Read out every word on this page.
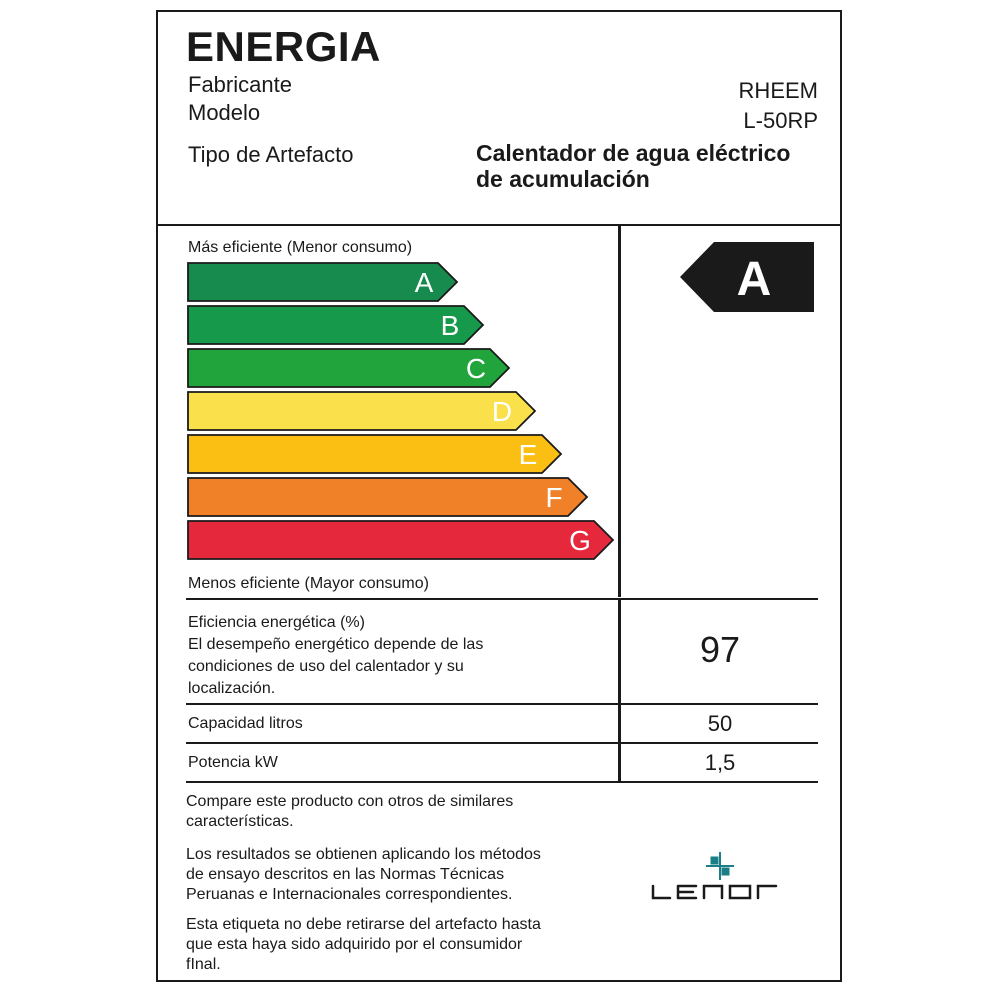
ENERGIA
Fabricante
Modelo
Tipo de Artefacto
RHEEM
L-50RP
Calentador de agua eléctrico
de acumulación
Más eficiente (Menor consumo)
A
B
C
D
E
F
G
Menos eficiente (Mayor consumo)
A
Eficiencia energética (%)
El desempeño energético depende de las
condiciones de uso del calentador y su
localización.
97
Capacidad litros	50
Potencia kW	1,5
Compare este producto con otros de similares
características.
Los resultados se obtienen aplicando los métodos
de ensayo descritos en las Normas Técnicas
Peruanas e Internacionales correspondientes.
Esta etiqueta no debe retirarse del artefacto hasta
que esta haya sido adquirido por el consumidor
fInal.
